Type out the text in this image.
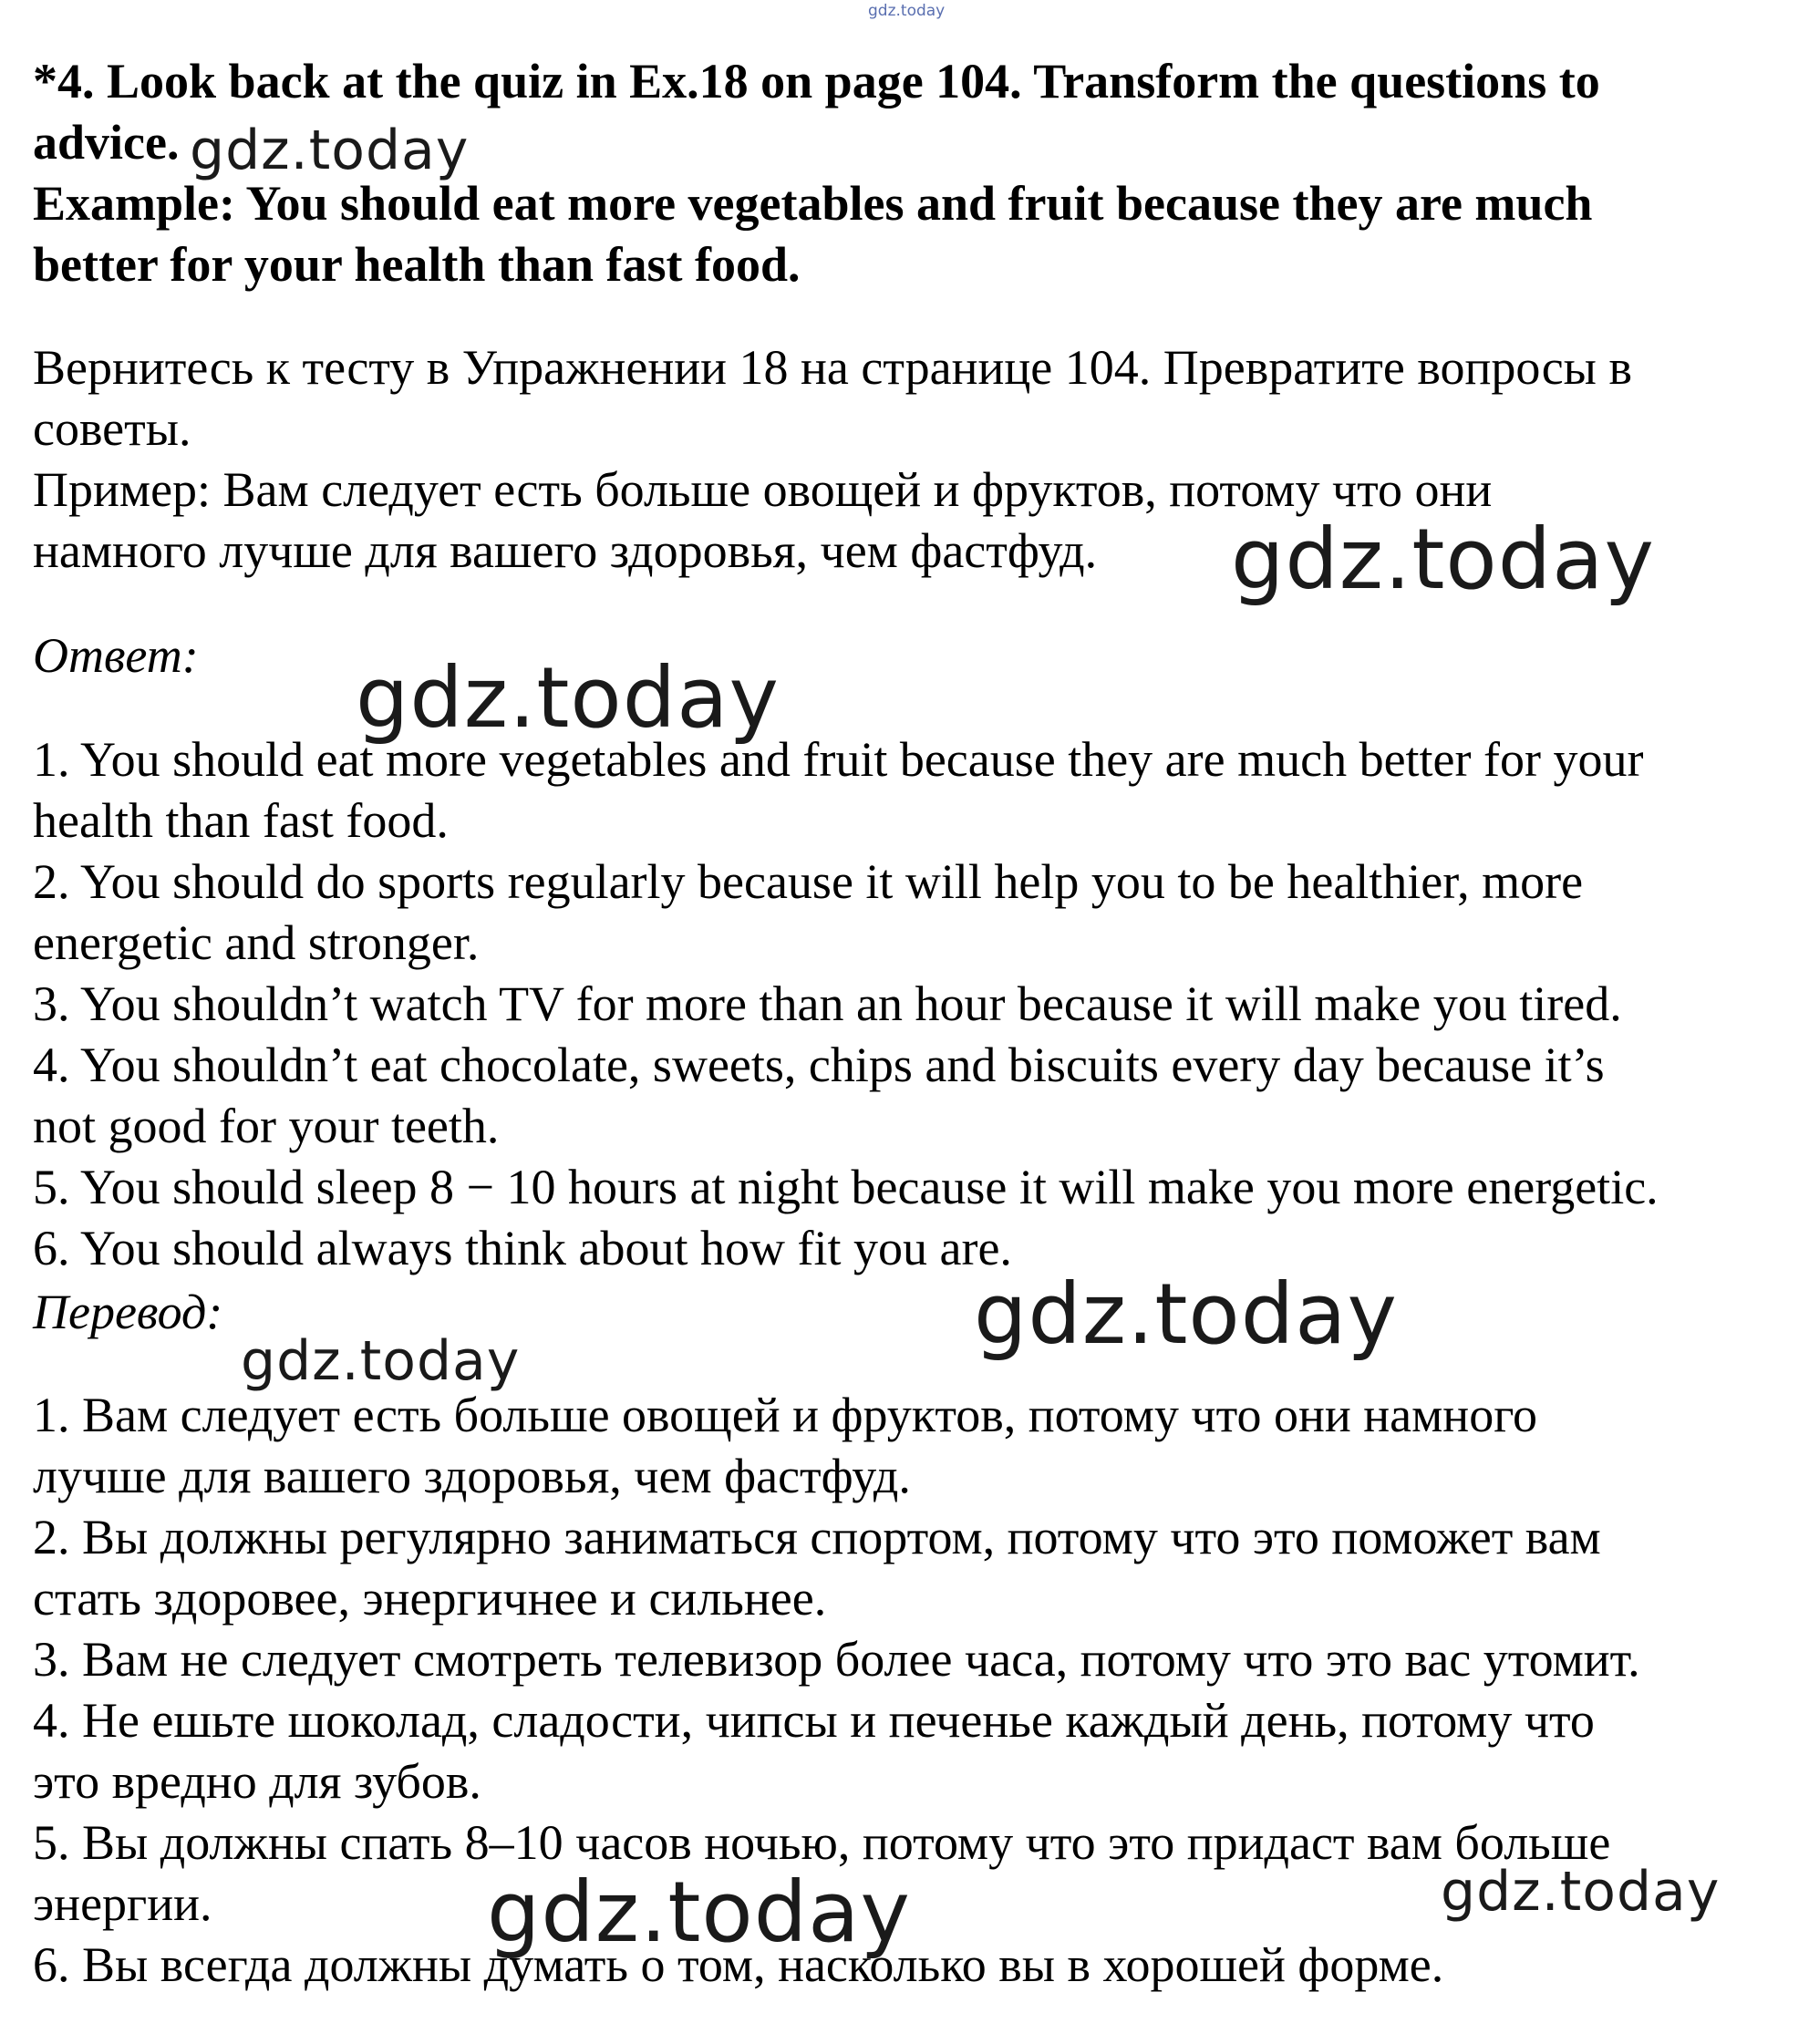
gdz.today
*4. Look back at the quiz in Ex.18 on page 104. Transform the questions to
advice.
Example: You should eat more vegetables and fruit because they are much
better for your health than fast food.
Вернитесь к тесту в Упражнении 18 на странице 104. Превратите вопросы в
советы.
Пример: Вам следует есть больше овощей и фруктов, потому что они
намного лучше для вашего здоровья, чем фастфуд.
Ответ:
1. You should eat more vegetables and fruit because they are much better for your
health than fast food.
2. You should do sports regularly because it will help you to be healthier, more
energetic and stronger.
3. You shouldn’t watch TV for more than an hour because it will make you tired.
4. You shouldn’t eat chocolate, sweets, chips and biscuits every day because it’s
not good for your teeth.
5. You should sleep 8 − 10 hours at night because it will make you more energetic.
6. You should always think about how fit you are.
Перевод:
1. Вам следует есть больше овощей и фруктов, потому что они намного
лучше для вашего здоровья, чем фастфуд.
2. Вы должны регулярно заниматься спортом, потому что это поможет вам
стать здоровее, энергичнее и сильнее.
3. Вам не следует смотреть телевизор более часа, потому что это вас утомит.
4. Не ешьте шоколад, сладости, чипсы и печенье каждый день, потому что
это вредно для зубов.
5. Вы должны спать 8–10 часов ночью, потому что это придаст вам больше
энергии.
6. Вы всегда должны думать о том, насколько вы в хорошей форме.
gdz.today
gdz.today
gdz.today
gdz.today
gdz.today
gdz.today	gdz.today
